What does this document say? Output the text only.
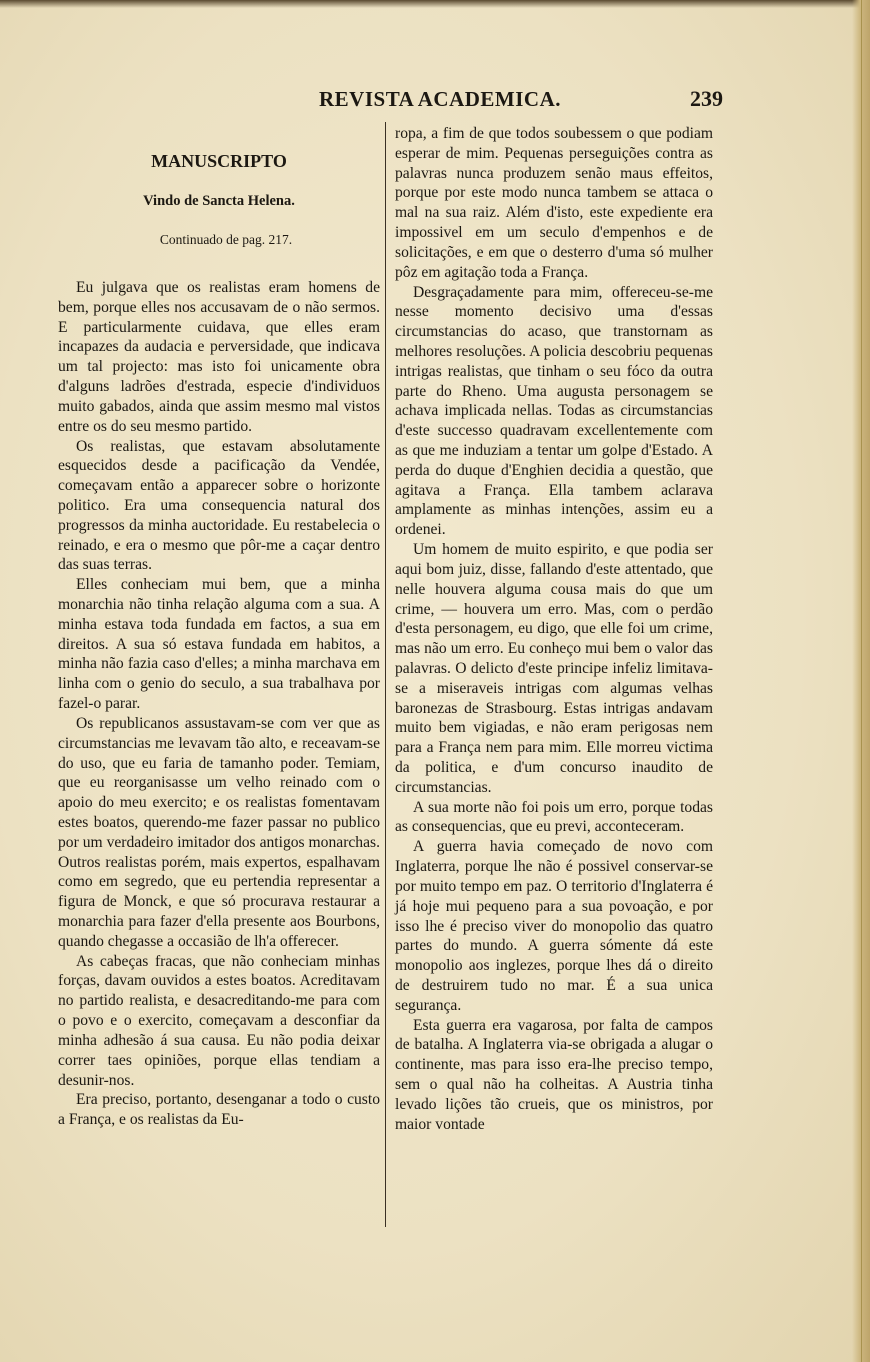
REVISTA ACADEMICA.	239
MANUSCRIPTO
Vindo de Sancta Helena.
Continuado de pag. 217.

Eu julgava que os realistas eram homens de bem, porque elles nos accusavam de o não sermos. E particularmente cuidava, que elles eram incapazes da audacia e perversidade, que indicava um tal projecto: mas isto foi unicamente obra d'alguns ladrões d'estrada, especie d'individuos muito gabados, ainda que assim mesmo mal vistos entre os do seu mesmo partido.

Os realistas, que estavam absolutamente esquecidos desde a pacificação da Vendée, começavam então a apparecer sobre o horizonte politico. Era uma consequencia natural dos progressos da minha auctoridade. Eu restabelecia o reinado, e era o mesmo que pôr-me a caçar dentro das suas terras.

Elles conheciam mui bem, que a minha monarchia não tinha relação alguma com a sua. A minha estava toda fundada em factos, a sua em direitos. A sua só estava fundada em habitos, a minha não fazia caso d'elles; a minha marchava em linha com o genio do seculo, a sua trabalhava por fazel-o parar.

Os republicanos assustavam-se com ver que as circumstancias me levavam tão alto, e receavam-se do uso, que eu faria de tamanho poder. Temiam, que eu reorganisasse um velho reinado com o apoio do meu exercito; e os realistas fomentavam estes boatos, querendo-me fazer passar no publico por um verdadeiro imitador dos antigos monarchas. Outros realistas porém, mais expertos, espalhavam como em segredo, que eu pertendia representar a figura de Monck, e que só procurava restaurar a monarchia para fazer d'ella presente aos Bourbons, quando chegasse a occasião de lh'a offerecer.

As cabeças fracas, que não conheciam minhas forças, davam ouvidos a estes boatos. Acreditavam no partido realista, e desacreditando-me para com o povo e o exercito, começavam a desconfiar da minha adhesão á sua causa. Eu não podia deixar correr taes opiniões, porque ellas tendiam a desunir-nos.

Era preciso, portanto, desenganar a todo o custo a França, e os realistas da Eu-

ropa, a fim de que todos soubessem o que podiam esperar de mim. Pequenas perseguições contra as palavras nunca produzem senão maus effeitos, porque por este modo nunca tambem se attaca o mal na sua raiz. Além d'isto, este expediente era impossivel em um seculo d'empenhos e de solicitações, e em que o desterro d'uma só mulher pôz em agitação toda a França.

Desgraçadamente para mim, offereceu-se-me nesse momento decisivo uma d'essas circumstancias do acaso, que transtornam as melhores resoluções. A policia descobriu pequenas intrigas realistas, que tinham o seu fóco da outra parte do Rheno. Uma augusta personagem se achava implicada nellas. Todas as circumstancias d'este successo quadravam excellentemente com as que me induziam a tentar um golpe d'Estado. A perda do duque d'Enghien decidia a questão, que agitava a França. Ella tambem aclarava amplamente as minhas intenções, assim eu a ordenei.

Um homem de muito espirito, e que podia ser aqui bom juiz, disse, fallando d'este attentado, que nelle houvera alguma cousa mais do que um crime, — houvera um erro. Mas, com o perdão d'esta personagem, eu digo, que elle foi um crime, mas não um erro. Eu conheço mui bem o valor das palavras. O delicto d'este principe infeliz limitava-se a miseraveis intrigas com algumas velhas baronezas de Strasbourg. Estas intrigas andavam muito bem vigiadas, e não eram perigosas nem para a França nem para mim. Elle morreu victima da politica, e d'um concurso inaudito de circumstancias.

A sua morte não foi pois um erro, porque todas as consequencias, que eu previ, acconteceram.

A guerra havia começado de novo com Inglaterra, porque lhe não é possivel conservar-se por muito tempo em paz. O territorio d'Inglaterra é já hoje mui pequeno para a sua povoação, e por isso lhe é preciso viver do monopolio das quatro partes do mundo. A guerra sómente dá este monopolio aos inglezes, porque lhes dá o direito de destruirem tudo no mar. É a sua unica segurança.

Esta guerra era vagarosa, por falta de campos de batalha. A Inglaterra via-se obrigada a alugar o continente, mas para isso era-lhe preciso tempo, sem o qual não ha colheitas. A Austria tinha levado lições tão crueis, que os ministros, por maior vontade
